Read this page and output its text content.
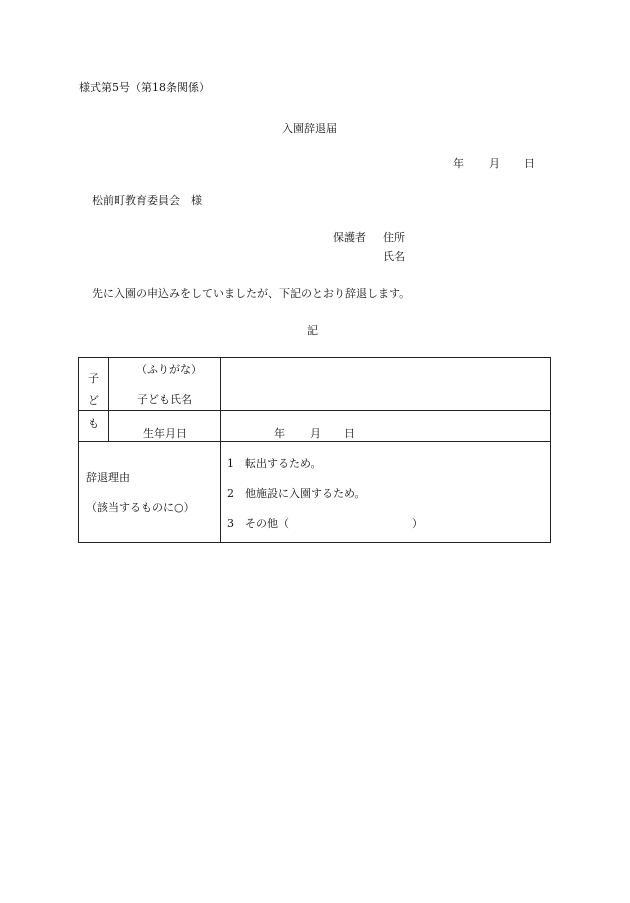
様式第5号（第18条関係）
入園辞退届
年 月 日
松前町教育委員会　様
保護者 住所
氏名
先に入園の申込みをしていましたが、下記のとおり辞退します。
記
子
ど
も
（ふりがな）
子ども氏名
生年月日	年 月 日
辞退理由
（該当するものに○）
1　転出するため。
2　他施設に入園するため。
3　その他（	）
